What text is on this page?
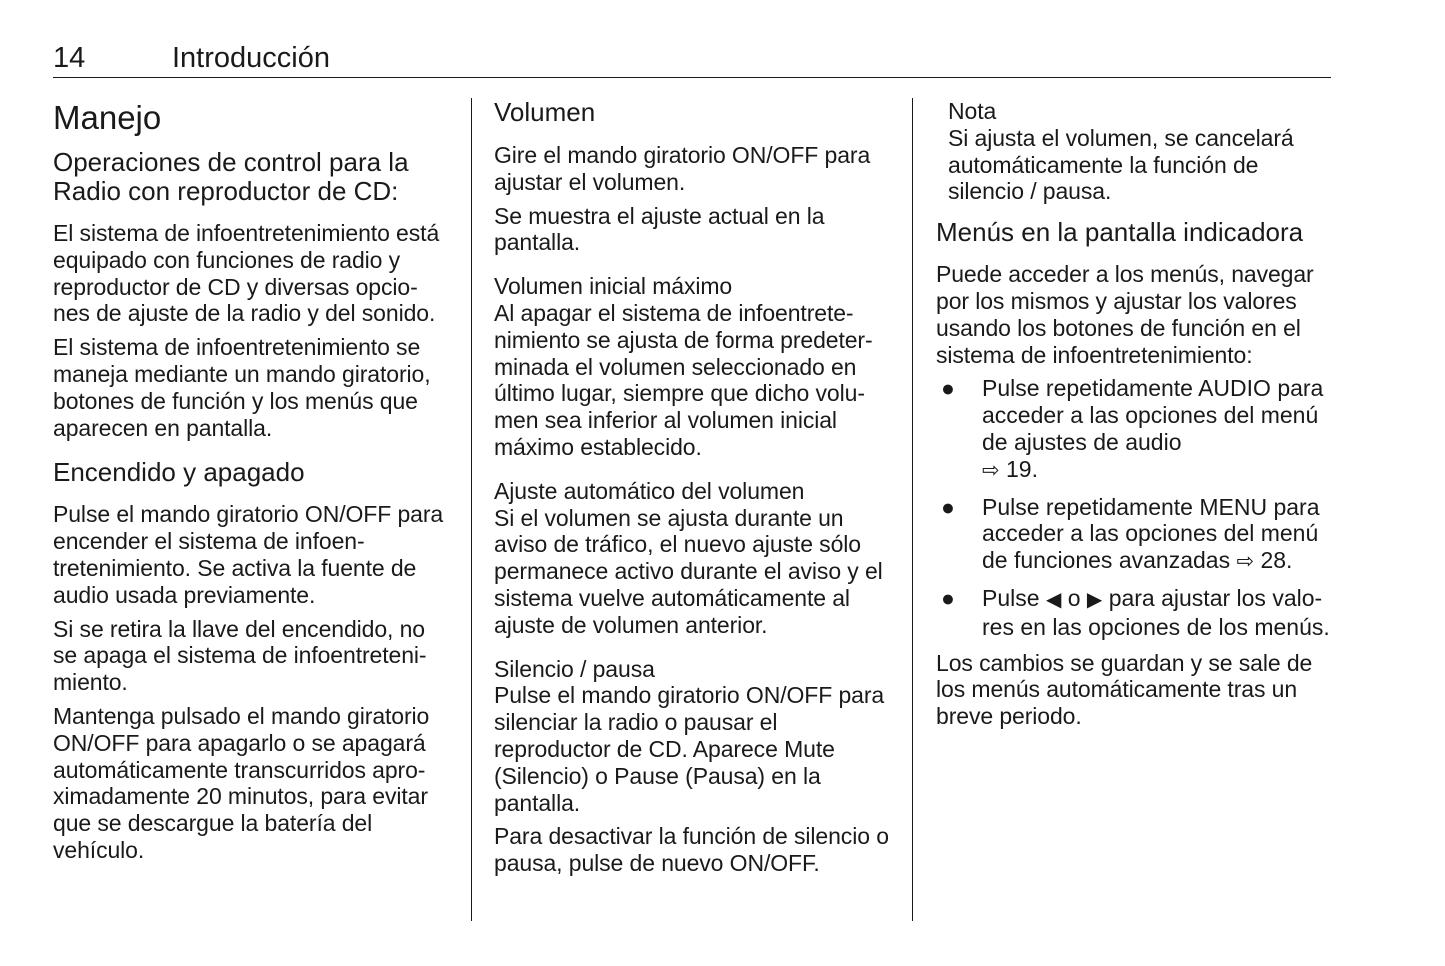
14	Introducción
Manejo
Operaciones de control para la Radio con reproductor de CD:

El sistema de infoentretenimiento está equipado con funciones de radio y reproductor de CD y diversas opcio- nes de ajuste de la radio y del sonido.

El sistema de infoentretenimiento se maneja mediante un mando giratorio, botones de función y los menús que aparecen en pantalla.

Encendido y apagado

Pulse el mando giratorio ON/OFF para encender el sistema de infoen- tretenimiento. Se activa la fuente de audio usada previamente.

Si se retira la llave del encendido, no se apaga el sistema de infoentreteni- miento.

Mantenga pulsado el mando giratorio ON/OFF para apagarlo o se apagará automáticamente transcurridos apro- ximadamente 20 minutos, para evitar que se descargue la batería del vehículo.

Volumen

Gire el mando giratorio ON/OFF para ajustar el volumen.

Se muestra el ajuste actual en la pantalla.

Volumen inicial máximo

Al apagar el sistema de infoentrete- nimiento se ajusta de forma predeter- minada el volumen seleccionado en último lugar, siempre que dicho volu- men sea inferior al volumen inicial máximo establecido.

Ajuste automático del volumen

Si el volumen se ajusta durante un aviso de tráfico, el nuevo ajuste sólo permanece activo durante el aviso y el sistema vuelve automáticamente al ajuste de volumen anterior.

Silencio / pausa

Pulse el mando giratorio ON/OFF para silenciar la radio o pausar el reproductor de CD. Aparece Mute (Silencio) o Pause (Pausa) en la pantalla.

Para desactivar la función de silencio o pausa, pulse de nuevo ON/OFF.

Nota

Si ajusta el volumen, se cancelará automáticamente la función de silencio / pausa.

Menús en la pantalla indicadora

Puede acceder a los menús, navegar por los mismos y ajustar los valores usando los botones de función en el sistema de infoentretenimiento:

● Pulse repetidamente AUDIO para acceder a las opciones del menú de ajustes de audio
⇨ 19.
● Pulse repetidamente MENU para acceder a las opciones del menú de funciones avanzadas ⇨ 28.
● Pulse ◀ o ▶ para ajustar los valo- res en las opciones de los menús.

Los cambios se guardan y se sale de los menús automáticamente tras un breve periodo.
